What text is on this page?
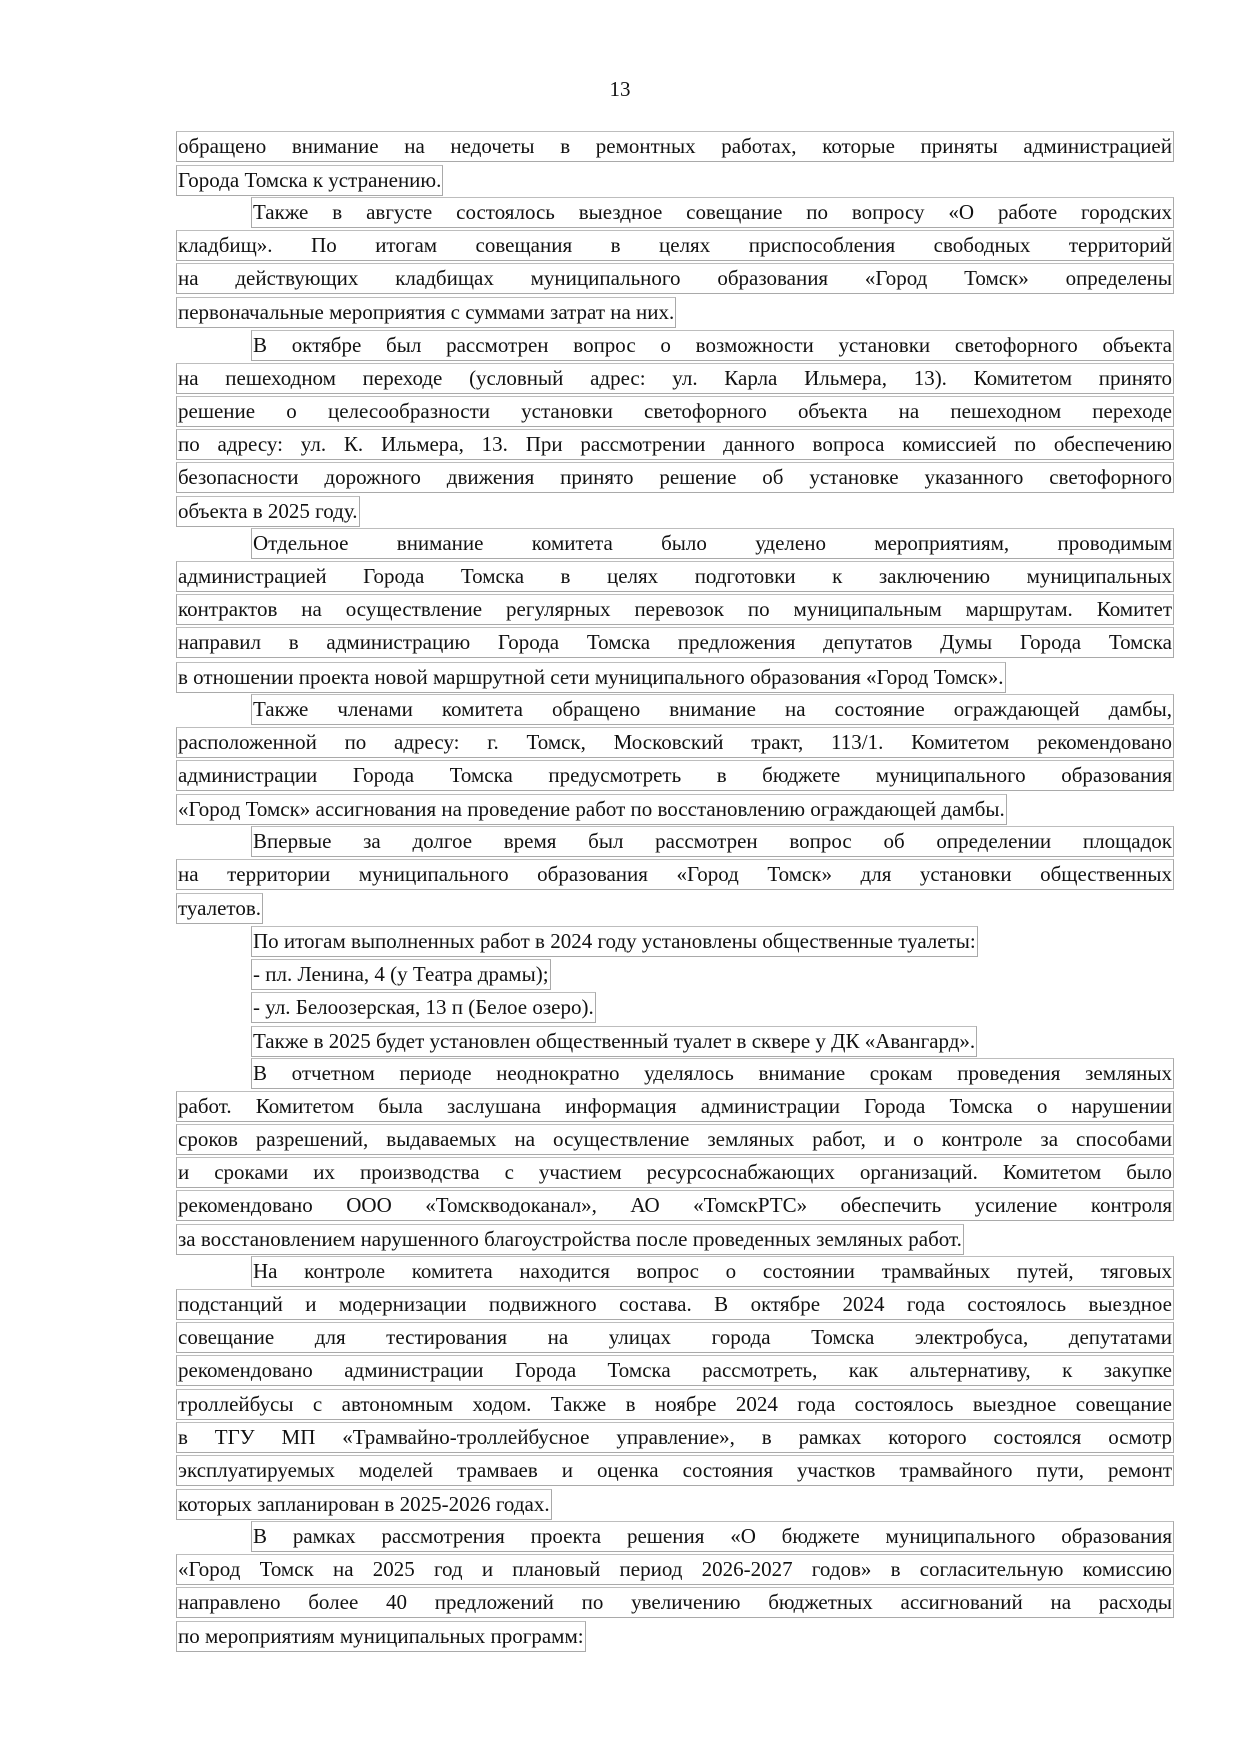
13
обращено внимание на недочеты в ремонтных работах, которые приняты администрацией
Города Томска к устранению.
Также в августе состоялось выездное совещание по вопросу «О работе городских
кладбищ». По итогам совещания в целях приспособления свободных территорий
на действующих кладбищах муниципального образования «Город Томск» определены
первоначальные мероприятия с суммами затрат на них.
В октябре был рассмотрен вопрос о возможности установки светофорного объекта
на пешеходном переходе (условный адрес: ул. Карла Ильмера, 13). Комитетом принято
решение о целесообразности установки светофорного объекта на пешеходном переходе
по адресу: ул. К. Ильмера, 13. При рассмотрении данного вопроса комиссией по обеспечению
безопасности дорожного движения принято решение об установке указанного светофорного
объекта в 2025 году.
Отдельное внимание комитета было уделено мероприятиям, проводимым
администрацией Города Томска в целях подготовки к заключению муниципальных
контрактов на осуществление регулярных перевозок по муниципальным маршрутам. Комитет
направил в администрацию Города Томска предложения депутатов Думы Города Томска
в отношении проекта новой маршрутной сети муниципального образования «Город Томск».
Также членами комитета обращено внимание на состояние ограждающей дамбы,
расположенной по адресу: г. Томск, Московский тракт, 113/1. Комитетом рекомендовано
администрации Города Томска предусмотреть в бюджете муниципального образования
«Город Томск» ассигнования на проведение работ по восстановлению ограждающей дамбы.
Впервые за долгое время был рассмотрен вопрос об определении площадок
на территории муниципального образования «Город Томск» для установки общественных
туалетов.
По итогам выполненных работ в 2024 году установлены общественные туалеты:
- пл. Ленина, 4 (у Театра драмы);
- ул. Белоозерская, 13 п (Белое озеро).
Также в 2025 будет установлен общественный туалет в сквере у ДК «Авангард».
В отчетном периоде неоднократно уделялось внимание срокам проведения земляных
работ. Комитетом была заслушана информация администрации Города Томска о нарушении
сроков разрешений, выдаваемых на осуществление земляных работ, и о контроле за способами
и сроками их производства с участием ресурсоснабжающих организаций. Комитетом было
рекомендовано ООО «Томскводоканал», АО «ТомскРТС» обеспечить усиление контроля
за восстановлением нарушенного благоустройства после проведенных земляных работ.
На контроле комитета находится вопрос о состоянии трамвайных путей, тяговых
подстанций и модернизации подвижного состава. В октябре 2024 года состоялось выездное
совещание для тестирования на улицах города Томска электробуса, депутатами
рекомендовано администрации Города Томска рассмотреть, как альтернативу, к закупке
троллейбусы с автономным ходом. Также в ноябре 2024 года состоялось выездное совещание
в ТГУ МП «Трамвайно-троллейбусное управление», в рамках которого состоялся осмотр
эксплуатируемых моделей трамваев и оценка состояния участков трамвайного пути, ремонт
которых запланирован в 2025-2026 годах.
В рамках рассмотрения проекта решения «О бюджете муниципального образования
«Город Томск на 2025 год и плановый период 2026-2027 годов» в согласительную комиссию
направлено более 40 предложений по увеличению бюджетных ассигнований на расходы
по мероприятиям муниципальных программ:
